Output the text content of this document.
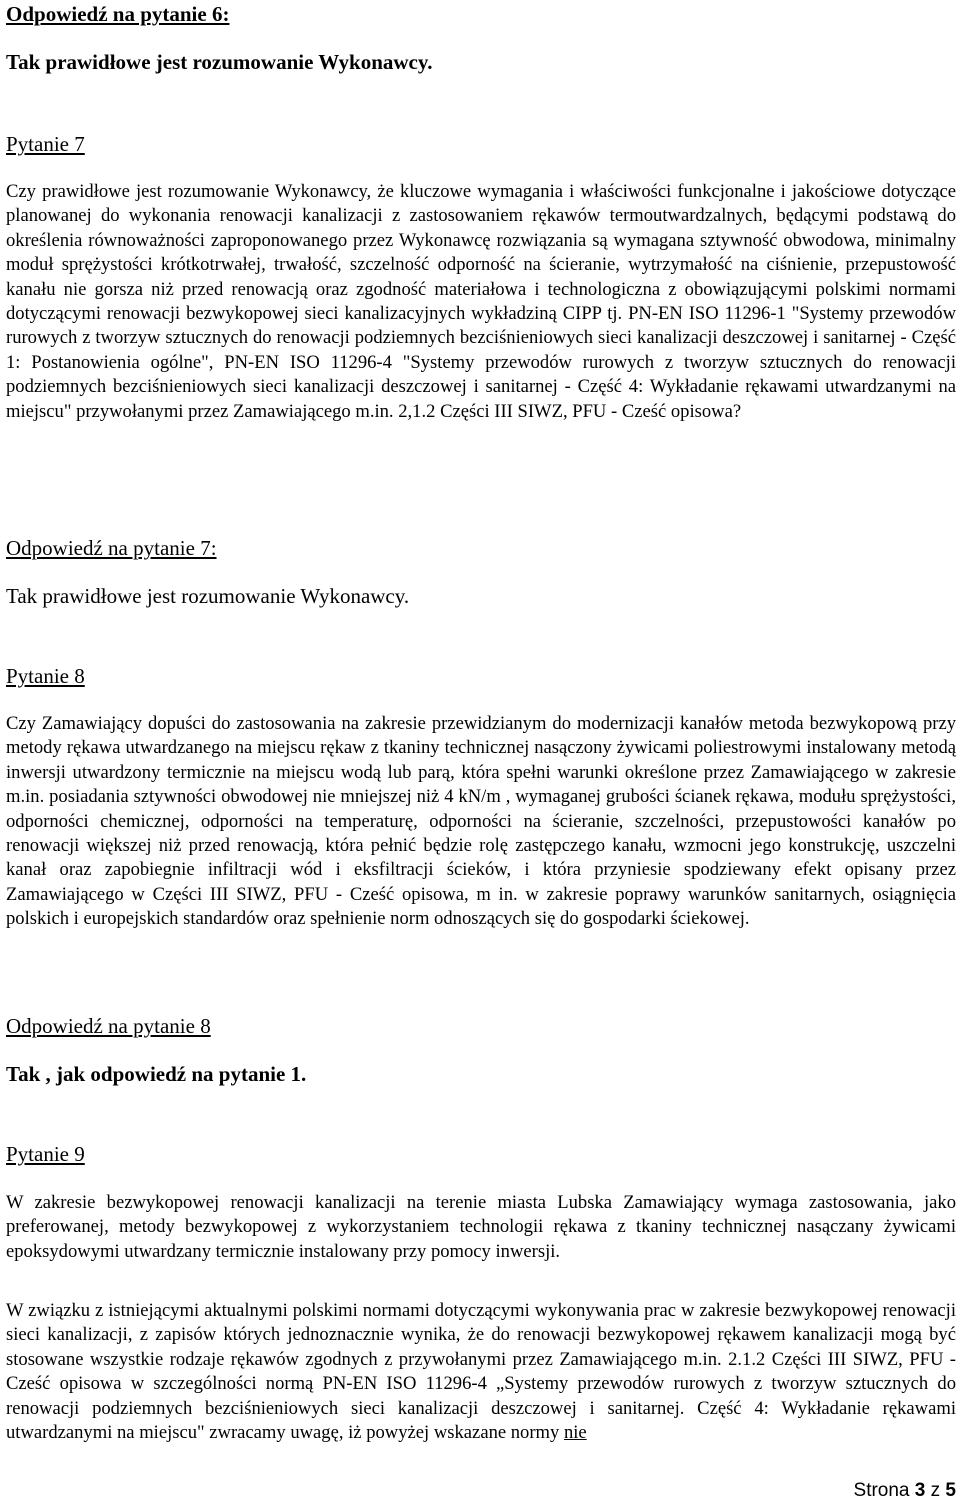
Odpowiedź na pytanie 6:

Tak prawidłowe jest rozumowanie Wykonawcy.

Pytanie 7

Czy prawidłowe jest rozumowanie Wykonawcy, że kluczowe wymagania i właściwości funkcjonalne i jakościowe dotyczące planowanej do wykonania renowacji kanalizacji z zastosowaniem rękawów termoutwardzalnych, będącymi podstawą do określenia równoważności zaproponowanego przez Wykonawcę rozwiązania są wymagana sztywność obwodowa, minimalny moduł sprężystości krótkotrwałej, trwałość, szczelność odporność na ścieranie, wytrzymałość na ciśnienie, przepustowość kanału nie gorsza niż przed renowacją oraz zgodność materiałowa i technologiczna z obowiązującymi polskimi normami dotyczącymi renowacji bezwykopowej sieci kanalizacyjnych wykładziną CIPP tj. PN-EN ISO 11296-1 "Systemy przewodów rurowych z tworzyw sztucznych do renowacji podziemnych bezciśnieniowych sieci kanalizacji deszczowej i sanitarnej - Część 1: Postanowienia ogólne", PN-EN ISO 11296-4 "Systemy przewodów rurowych z tworzyw sztucznych do renowacji podziemnych bezciśnieniowych sieci kanalizacji deszczowej i sanitarnej - Część 4: Wykładanie rękawami utwardzanymi na miejscu" przywołanymi przez Zamawiającego m.in. 2,1.2 Części III SIWZ, PFU - Cześć opisowa?

Odpowiedź na pytanie 7:

Tak prawidłowe jest rozumowanie Wykonawcy.

Pytanie 8

Czy Zamawiający dopuści do zastosowania na zakresie przewidzianym do modernizacji kanałów metoda bezwykopową przy metody rękawa utwardzanego na miejscu rękaw z tkaniny technicznej nasączony żywicami poliestrowymi instalowany metodą inwersji utwardzony termicznie na miejscu wodą lub parą, która spełni warunki określone przez Zamawiającego w zakresie m.in. posiadania sztywności obwodowej nie mniejszej niż 4 kN/m , wymaganej grubości ścianek rękawa, modułu sprężystości, odporności chemicznej, odporności na temperaturę, odporności na ścieranie, szczelności, przepustowości kanałów po renowacji większej niż przed renowacją, która pełnić będzie rolę zastępczego kanału, wzmocni jego konstrukcję, uszczelni kanał oraz zapobiegnie infiltracji wód i eksfiltracji ścieków, i która przyniesie spodziewany efekt opisany przez Zamawiającego w Części III SIWZ, PFU - Cześć opisowa, m in. w zakresie poprawy warunków sanitarnych, osiągnięcia polskich i europejskich standardów oraz spełnienie norm odnoszących się do gospodarki ściekowej.

Odpowiedź na pytanie 8

Tak , jak odpowiedź na pytanie 1.

Pytanie 9

W zakresie bezwykopowej renowacji kanalizacji na terenie miasta Lubska Zamawiający wymaga zastosowania, jako preferowanej, metody bezwykopowej z wykorzystaniem technologii rękawa z tkaniny technicznej nasączany żywicami epoksydowymi utwardzany termicznie instalowany przy pomocy inwersji.

W związku z istniejącymi aktualnymi polskimi normami dotyczącymi wykonywania prac w zakresie bezwykopowej renowacji sieci kanalizacji, z zapisów których jednoznacznie wynika, że do renowacji bezwykopowej rękawem kanalizacji mogą być stosowane wszystkie rodzaje rękawów zgodnych z przywołanymi przez Zamawiającego m.in. 2.1.2 Części III SIWZ, PFU -Cześć opisowa w szczególności normą PN-EN ISO 11296-4 „Systemy przewodów rurowych z tworzyw sztucznych do renowacji podziemnych bezciśnieniowych sieci kanalizacji deszczowej i sanitarnej. Część 4: Wykładanie rękawami utwardzanymi na miejscu" zwracamy uwagę, iż powyżej wskazane normy nie

Strona 3 z 5
